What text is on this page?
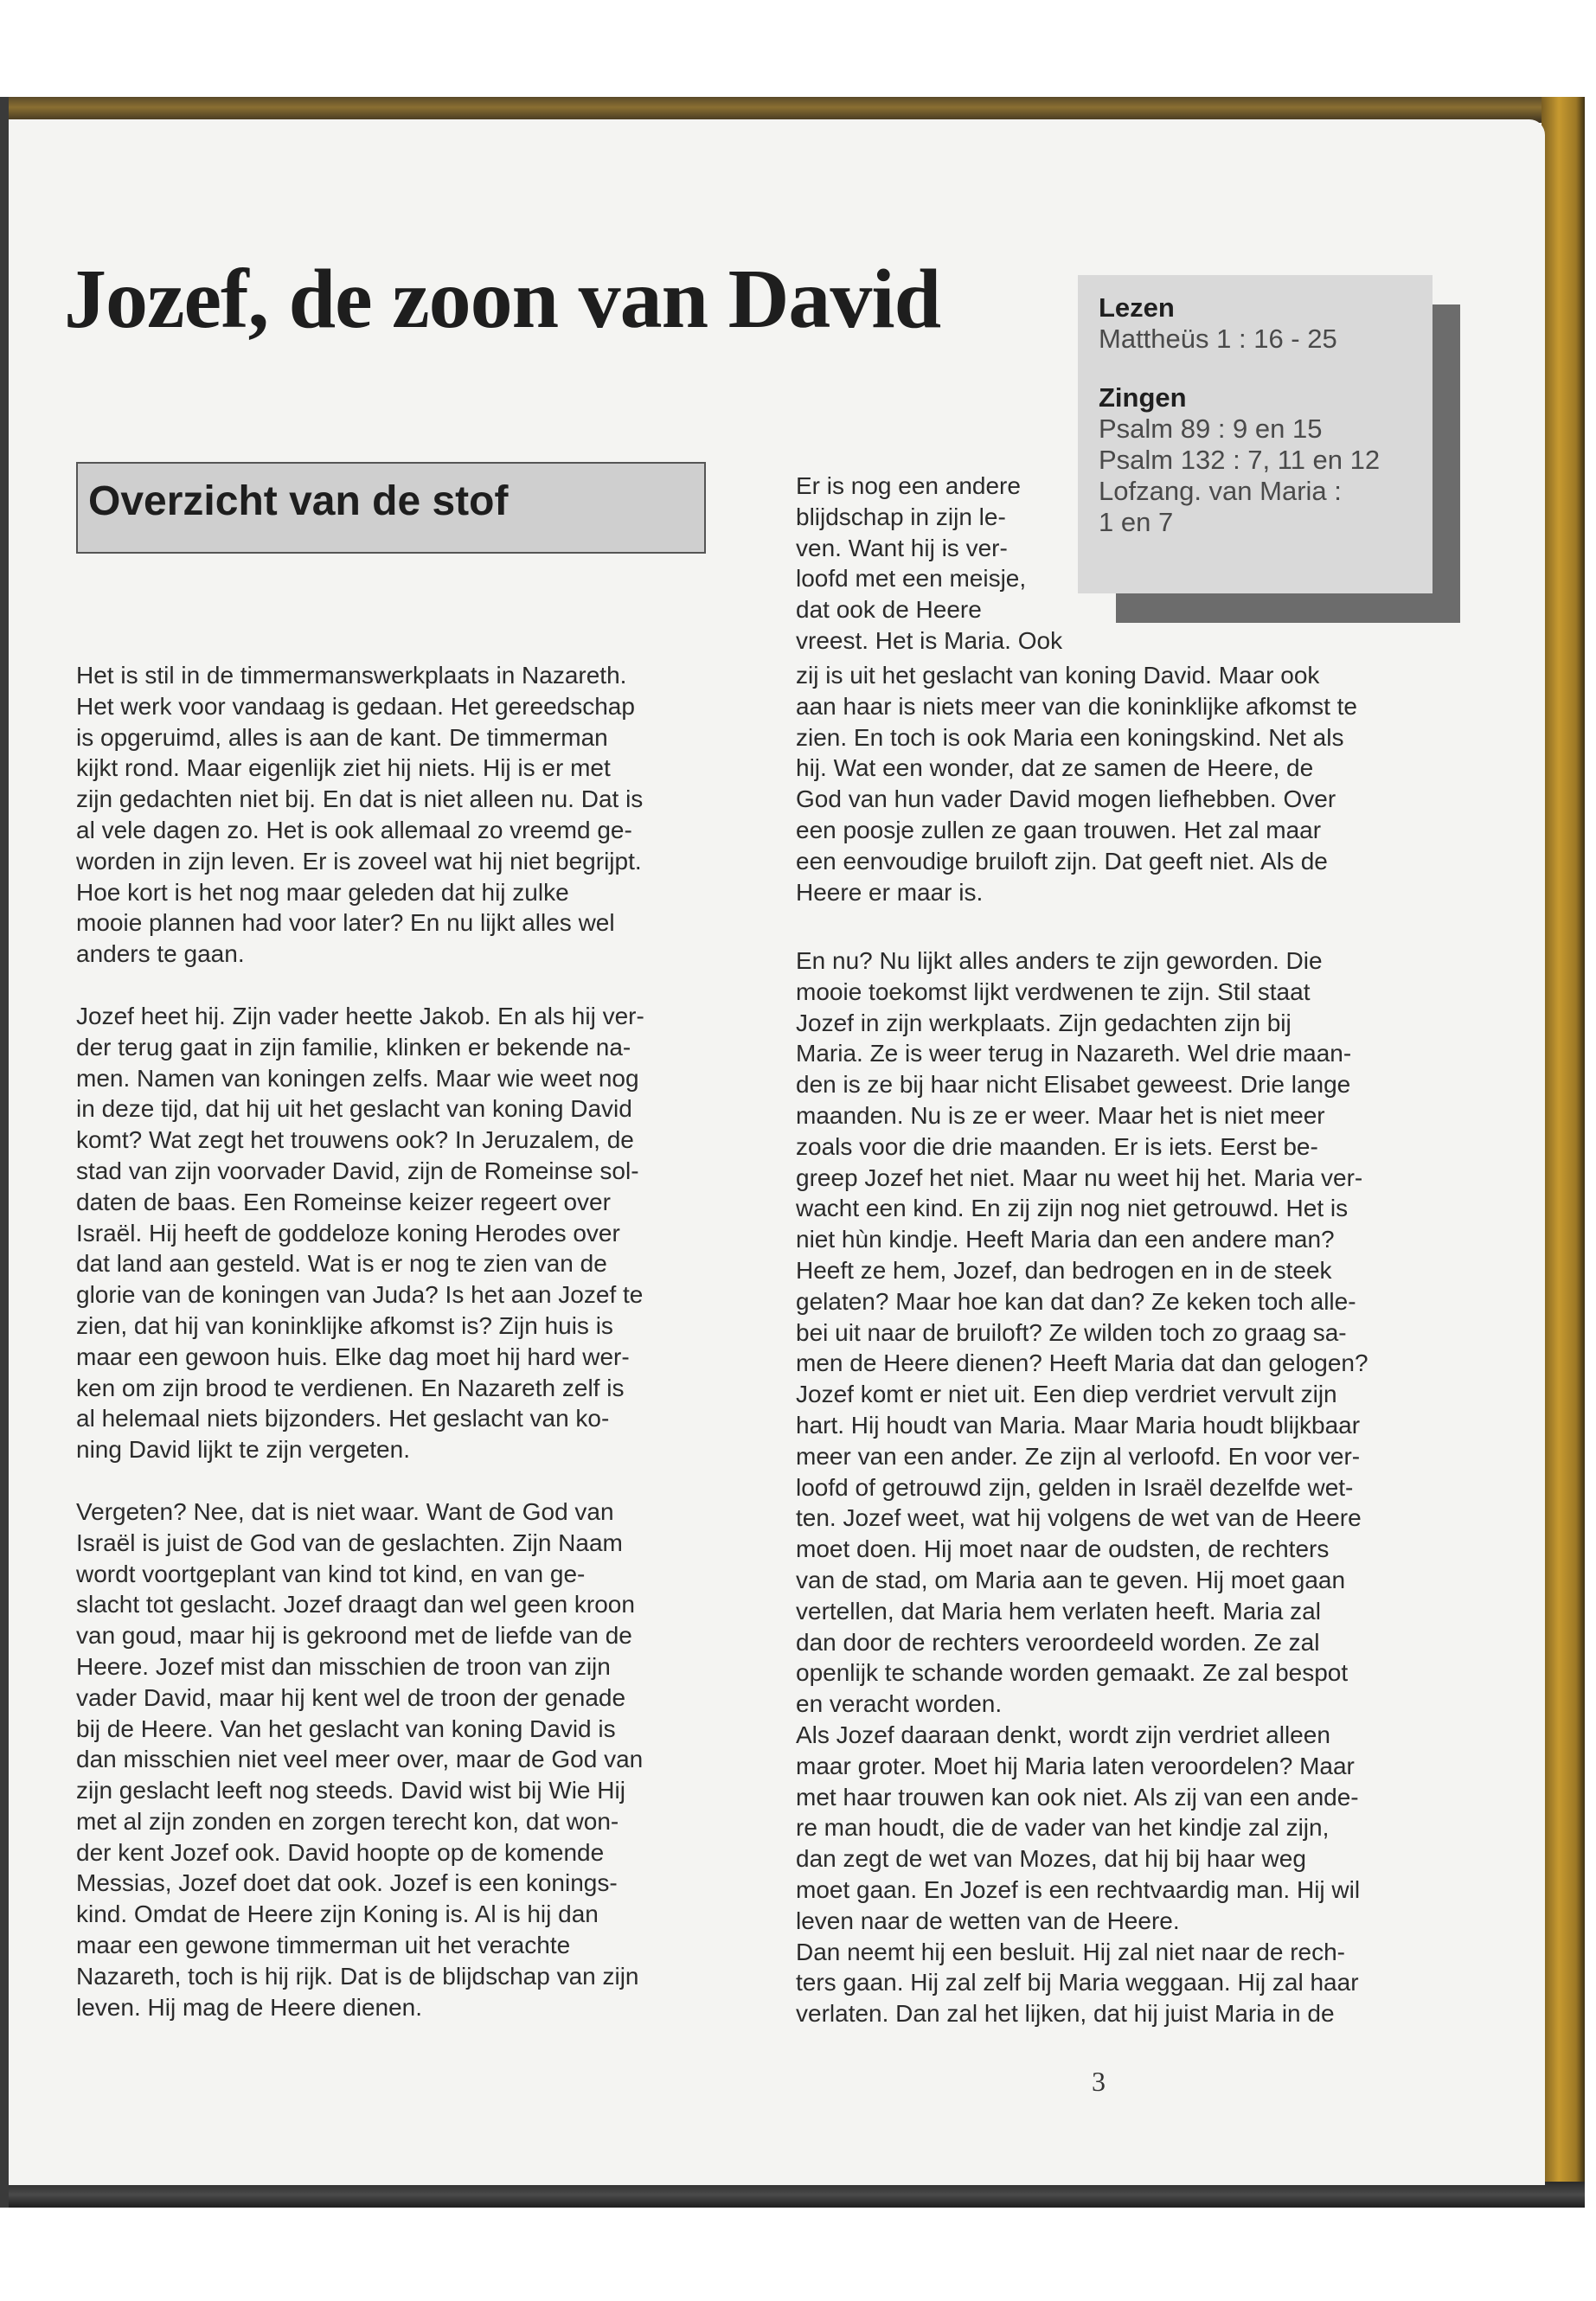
Jozef, de zoon van David	Lezen
Mattheüs 1 : 16 - 25
Zingen
Psalm 89 : 9 en 15
Psalm 132 : 7, 11 en 12
Lofzang. van Maria :
1 en 7
Overzicht van de stof

Het is stil in de timmermanswerkplaats in Nazareth.

Het werk voor vandaag is gedaan. Het gereedschap

is opgeruimd, alles is aan de kant. De timmerman

kijkt rond. Maar eigenlijk ziet hij niets. Hij is er met

zijn gedachten niet bij. En dat is niet alleen nu. Dat is

al vele dagen zo. Het is ook allemaal zo vreemd ge-

worden in zijn leven. Er is zoveel wat hij niet begrijpt.

Hoe kort is het nog maar geleden dat hij zulke

mooie plannen had voor later? En nu lijkt alles wel

anders te gaan.

Jozef heet hij. Zijn vader heette Jakob. En als hij ver-

der terug gaat in zijn familie, klinken er bekende na-

men. Namen van koningen zelfs. Maar wie weet nog

in deze tijd, dat hij uit het geslacht van koning David

komt? Wat zegt het trouwens ook? In Jeruzalem, de

stad van zijn voorvader David, zijn de Romeinse sol-

daten de baas. Een Romeinse keizer regeert over

Israël. Hij heeft de goddeloze koning Herodes over

dat land aan gesteld. Wat is er nog te zien van de

glorie van de koningen van Juda? Is het aan Jozef te

zien, dat hij van koninklijke afkomst is? Zijn huis is

maar een gewoon huis. Elke dag moet hij hard wer-

ken om zijn brood te verdienen. En Nazareth zelf is

al helemaal niets bijzonders. Het geslacht van ko-

ning David lijkt te zijn vergeten.

Vergeten? Nee, dat is niet waar. Want de God van

Israël is juist de God van de geslachten. Zijn Naam

wordt voortgeplant van kind tot kind, en van ge-

slacht tot geslacht. Jozef draagt dan wel geen kroon

van goud, maar hij is gekroond met de liefde van de

Heere. Jozef mist dan misschien de troon van zijn

vader David, maar hij kent wel de troon der genade

bij de Heere. Van het geslacht van koning David is

dan misschien niet veel meer over, maar de God van

zijn geslacht leeft nog steeds. David wist bij Wie Hij

met al zijn zonden en zorgen terecht kon, dat won-

der kent Jozef ook. David hoopte op de komende

Messias, Jozef doet dat ook. Jozef is een konings-

kind. Omdat de Heere zijn Koning is. Al is hij dan

maar een gewone timmerman uit het verachte

Nazareth, toch is hij rijk. Dat is de blijdschap van zijn

leven. Hij mag de Heere dienen.

Er is nog een andere

blijdschap in zijn le-

ven. Want hij is ver-

loofd met een meisje,

dat ook de Heere

vreest. Het is Maria. Ook

zij is uit het geslacht van koning David. Maar ook

aan haar is niets meer van die koninklijke afkomst te

zien. En toch is ook Maria een koningskind. Net als

hij. Wat een wonder, dat ze samen de Heere, de

God van hun vader David mogen liefhebben. Over

een poosje zullen ze gaan trouwen. Het zal maar

een eenvoudige bruiloft zijn. Dat geeft niet. Als de

Heere er maar is.

En nu? Nu lijkt alles anders te zijn geworden. Die

mooie toekomst lijkt verdwenen te zijn. Stil staat

Jozef in zijn werkplaats. Zijn gedachten zijn bij

Maria. Ze is weer terug in Nazareth. Wel drie maan-

den is ze bij haar nicht Elisabet geweest. Drie lange

maanden. Nu is ze er weer. Maar het is niet meer

zoals voor die drie maanden. Er is iets. Eerst be-

greep Jozef het niet. Maar nu weet hij het. Maria ver-

wacht een kind. En zij zijn nog niet getrouwd. Het is

niet hùn kindje. Heeft Maria dan een andere man?

Heeft ze hem, Jozef, dan bedrogen en in de steek

gelaten? Maar hoe kan dat dan? Ze keken toch alle-

bei uit naar de bruiloft? Ze wilden toch zo graag sa-

men de Heere dienen? Heeft Maria dat dan gelogen?

Jozef komt er niet uit. Een diep verdriet vervult zijn

hart. Hij houdt van Maria. Maar Maria houdt blijkbaar

meer van een ander. Ze zijn al verloofd. En voor ver-

loofd of getrouwd zijn, gelden in Israël dezelfde wet-

ten. Jozef weet, wat hij volgens de wet van de Heere

moet doen. Hij moet naar de oudsten, de rechters

van de stad, om Maria aan te geven. Hij moet gaan

vertellen, dat Maria hem verlaten heeft. Maria zal

dan door de rechters veroordeeld worden. Ze zal

openlijk te schande worden gemaakt. Ze zal bespot

en veracht worden.

Als Jozef daaraan denkt, wordt zijn verdriet alleen

maar groter. Moet hij Maria laten veroordelen? Maar

met haar trouwen kan ook niet. Als zij van een ande-

re man houdt, die de vader van het kindje zal zijn,

dan zegt de wet van Mozes, dat hij bij haar weg

moet gaan. En Jozef is een rechtvaardig man. Hij wil

leven naar de wetten van de Heere.

Dan neemt hij een besluit. Hij zal niet naar de rech-

ters gaan. Hij zal zelf bij Maria weggaan. Hij zal haar

verlaten. Dan zal het lijken, dat hij juist Maria in de

3
